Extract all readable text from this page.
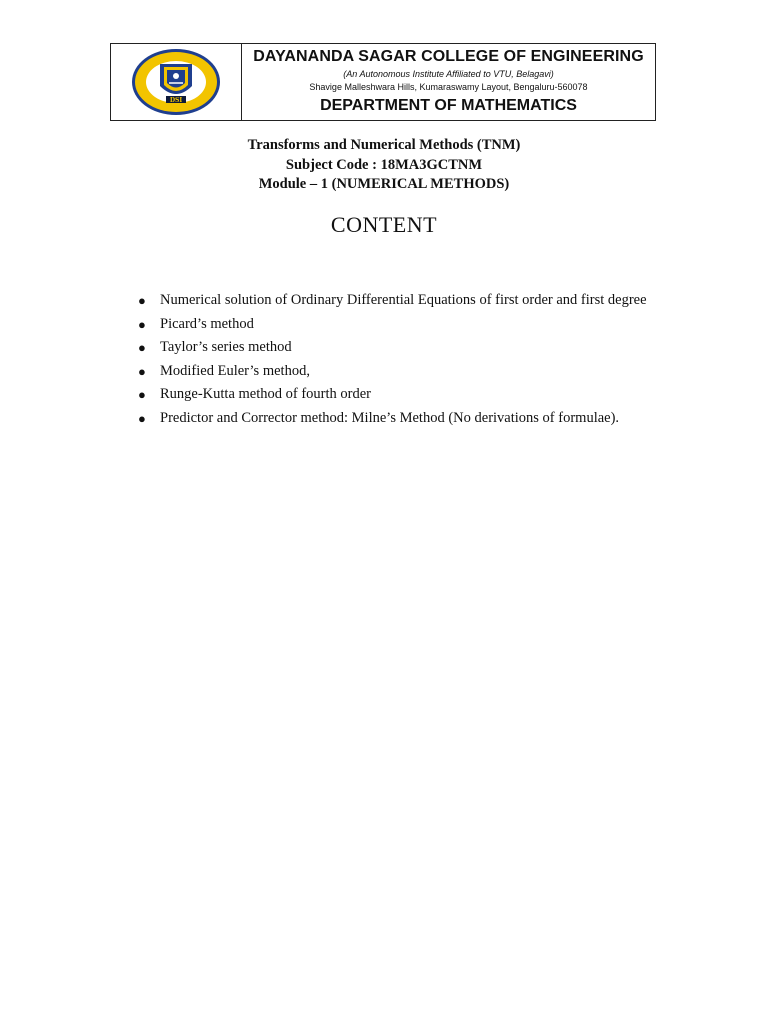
DSI
DAYANANDA SAGAR COLLEGE OF ENGINEERING
(An Autonomous Institute Affiliated to VTU, Belagavi)
Shavige Malleshwara Hills, Kumaraswamy Layout, Bengaluru-560078
DEPARTMENT OF MATHEMATICS
Transforms and Numerical Methods (TNM)
Subject Code : 18MA3GCTNM
Module – 1 (NUMERICAL METHODS)
CONTENT
● Numerical solution of Ordinary Differential Equations of first order and first degree
● Picard’s method
● Taylor’s series method
● Modified Euler’s method,
● Runge-Kutta method of fourth order
● Predictor and Corrector method: Milne’s Method (No derivations of formulae).
